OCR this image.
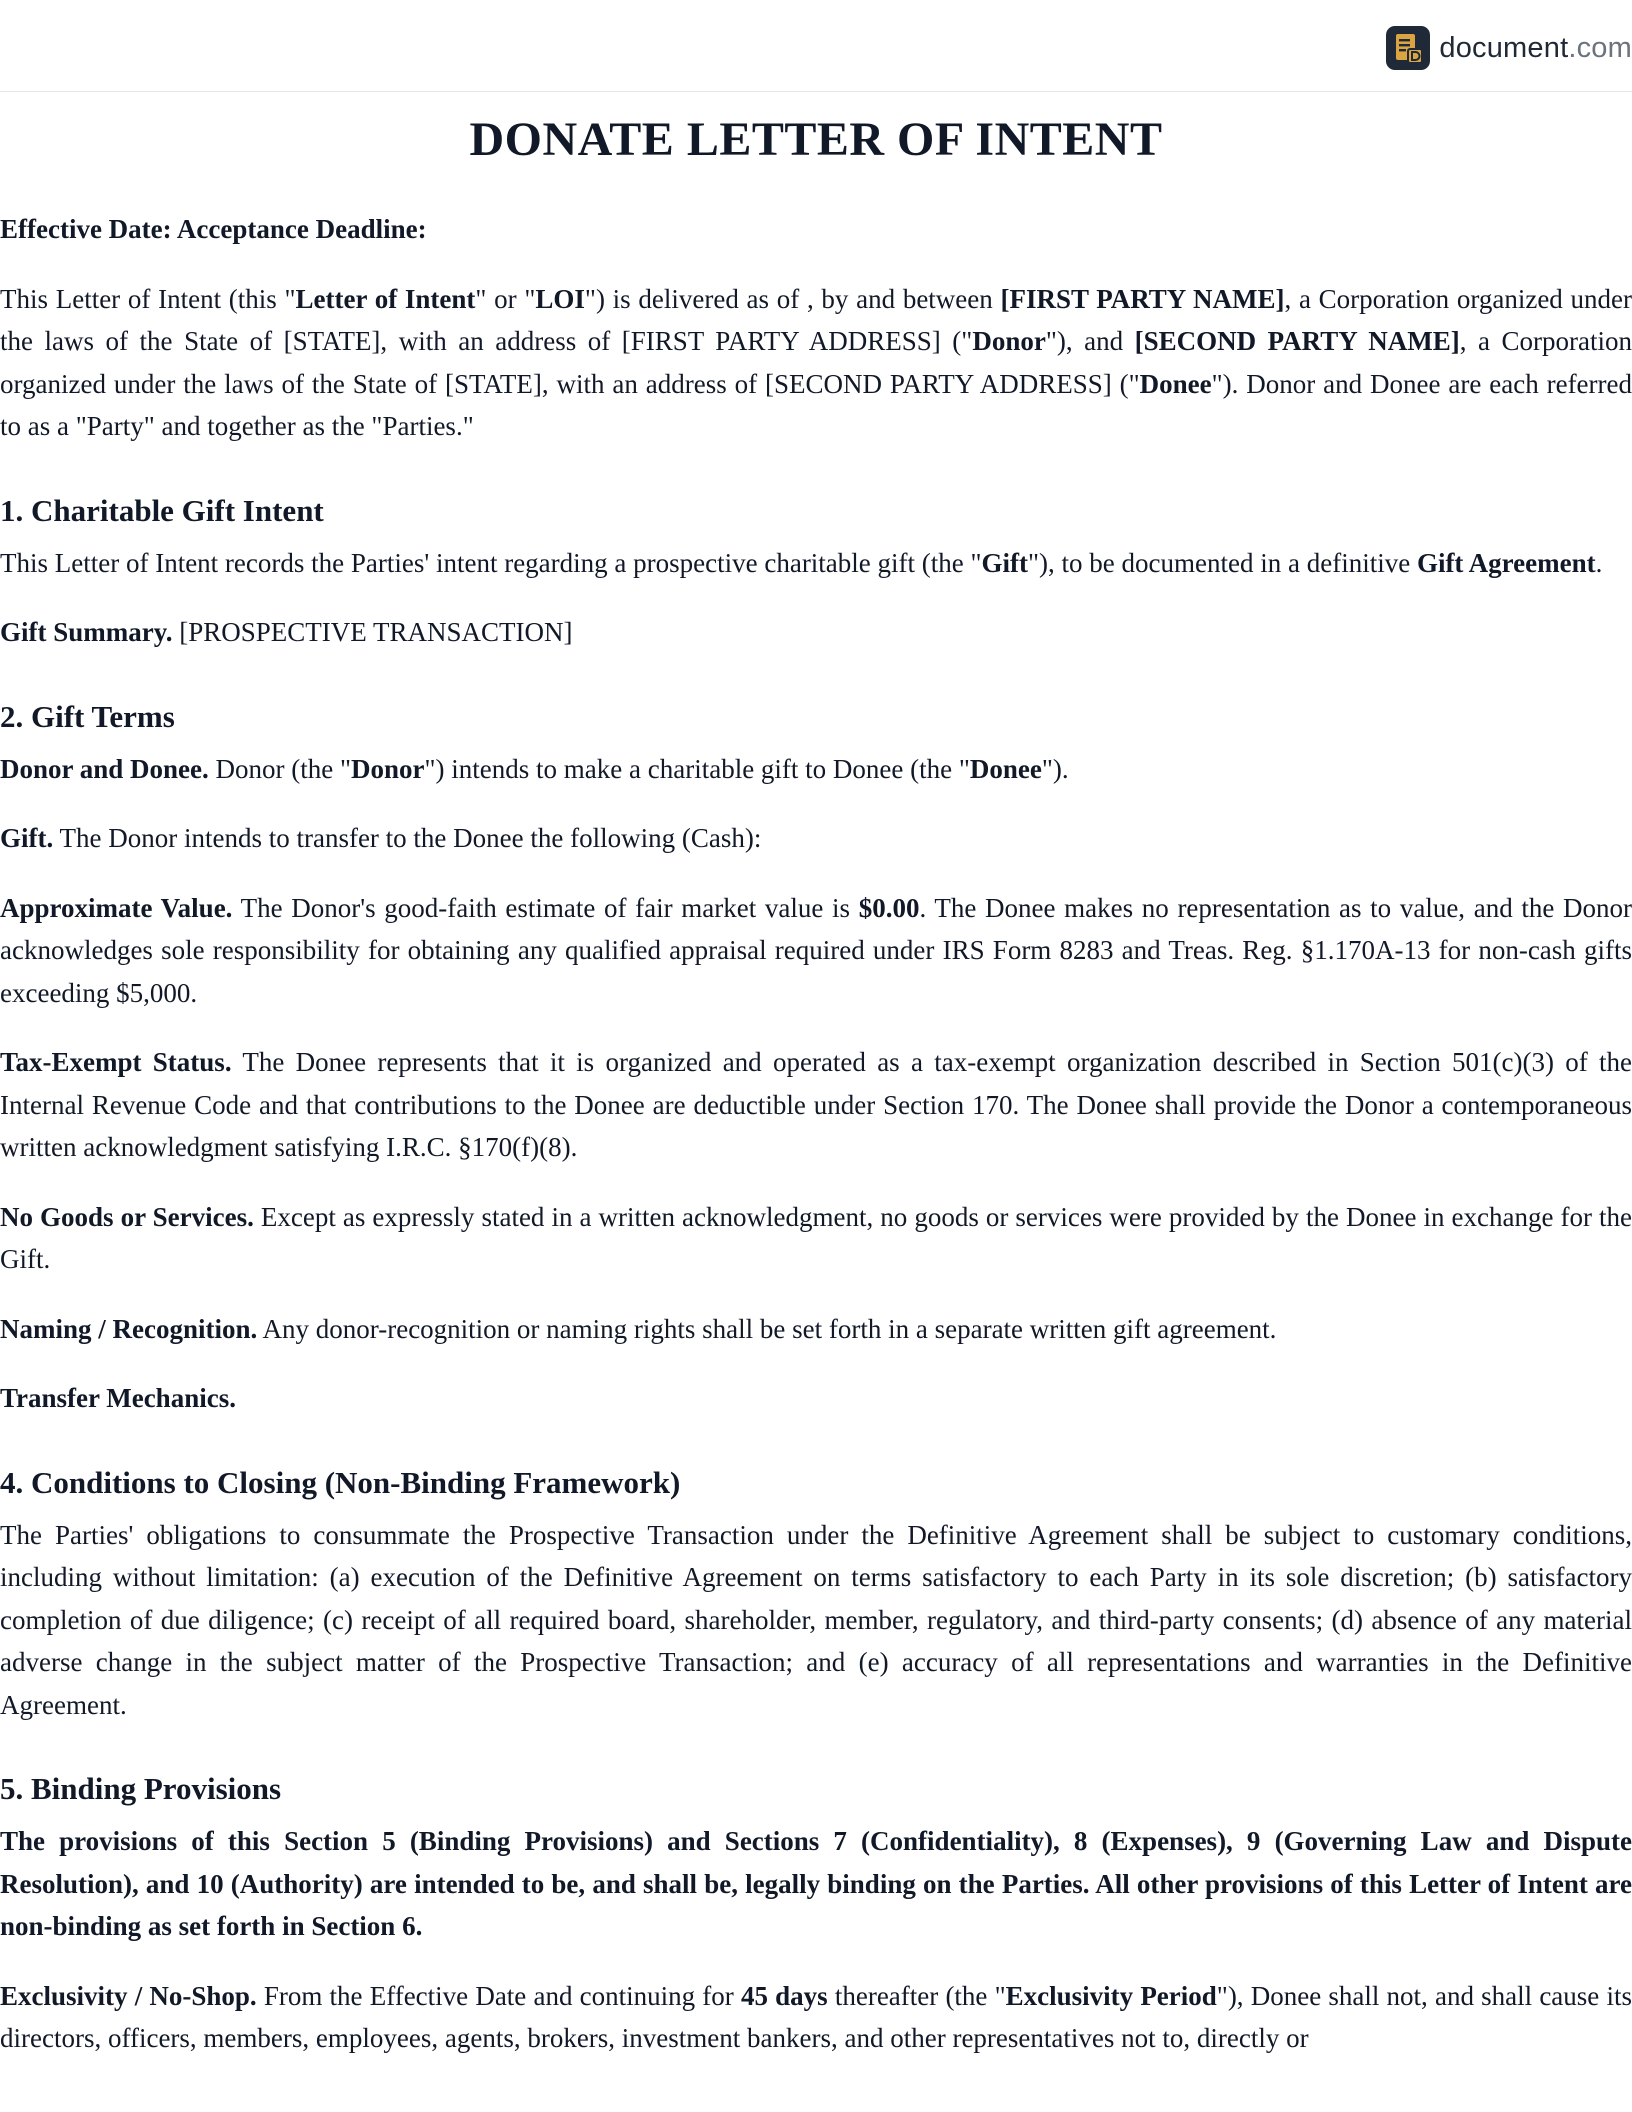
document.com
DONATE LETTER OF INTENT

Effective Date: Acceptance Deadline:

This Letter of Intent (this "Letter of Intent" or "LOI") is delivered as of , by and between [FIRST PARTY NAME], a Corporation organized under the laws of the State of [STATE], with an address of [FIRST PARTY ADDRESS] ("Donor"), and [SECOND PARTY NAME], a Corporation organized under the laws of the State of [STATE], with an address of [SECOND PARTY ADDRESS] ("Donee"). Donor and Donee are each referred to as a "Party" and together as the "Parties."

1. Charitable Gift Intent

This Letter of Intent records the Parties' intent regarding a prospective charitable gift (the "Gift"), to be documented in a definitive Gift Agreement.

Gift Summary. [PROSPECTIVE TRANSACTION]

2. Gift Terms

Donor and Donee. Donor (the "Donor") intends to make a charitable gift to Donee (the "Donee").

Gift. The Donor intends to transfer to the Donee the following (Cash):

Approximate Value. The Donor's good-faith estimate of fair market value is $0.00. The Donee makes no representation as to value, and the Donor acknowledges sole responsibility for obtaining any qualified appraisal required under IRS Form 8283 and Treas. Reg. §1.170A-13 for non-cash gifts exceeding $5,000.

Tax-Exempt Status. The Donee represents that it is organized and operated as a tax-exempt organization described in Section 501(c)(3) of the Internal Revenue Code and that contributions to the Donee are deductible under Section 170. The Donee shall provide the Donor a contemporaneous written acknowledgment satisfying I.R.C. §170(f)(8).

No Goods or Services. Except as expressly stated in a written acknowledgment, no goods or services were provided by the Donee in exchange for the Gift.

Naming / Recognition. Any donor-recognition or naming rights shall be set forth in a separate written gift agreement.

Transfer Mechanics.

4. Conditions to Closing (Non-Binding Framework)

The Parties' obligations to consummate the Prospective Transaction under the Definitive Agreement shall be subject to customary conditions, including without limitation: (a) execution of the Definitive Agreement on terms satisfactory to each Party in its sole discretion; (b) satisfactory completion of due diligence; (c) receipt of all required board, shareholder, member, regulatory, and third-party consents; (d) absence of any material adverse change in the subject matter of the Prospective Transaction; and (e) accuracy of all representations and warranties in the Definitive Agreement.

5. Binding Provisions

The provisions of this Section 5 (Binding Provisions) and Sections 7 (Confidentiality), 8 (Expenses), 9 (Governing Law and Dispute Resolution), and 10 (Authority) are intended to be, and shall be, legally binding on the Parties. All other provisions of this Letter of Intent are non-binding as set forth in Section 6.

Exclusivity / No-Shop. From the Effective Date and continuing for 45 days thereafter (the "Exclusivity Period"), Donee shall not, and shall cause its directors, officers, members, employees, agents, brokers, investment bankers, and other representatives not to, directly or
